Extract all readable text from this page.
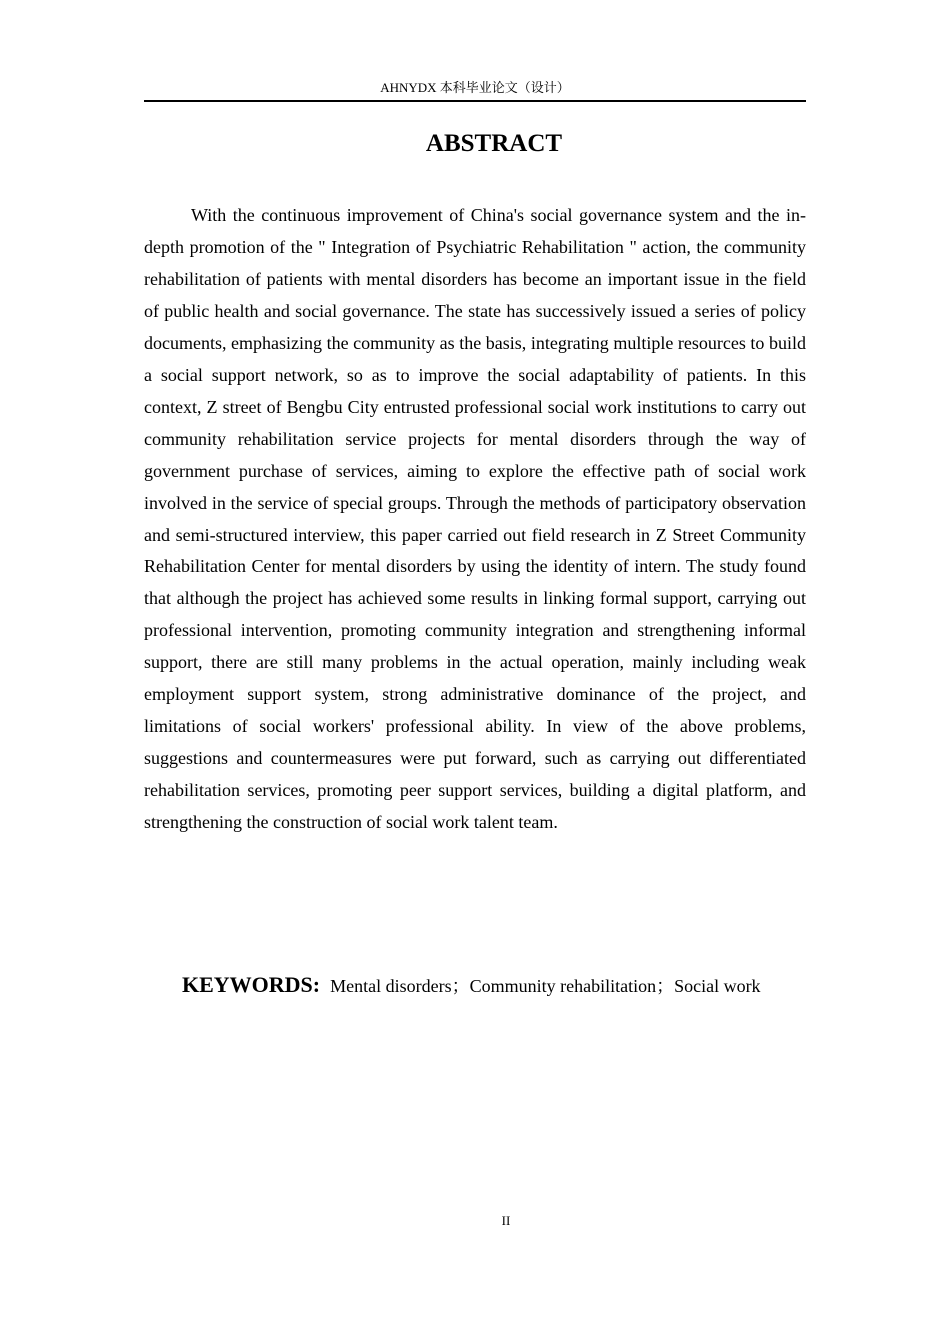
AHNYDX 本科毕业论文（设计）
ABSTRACT

With the continuous improvement of China's social governance system and the in-depth promotion of the " Integration of Psychiatric Rehabilitation " action, the community rehabilitation of patients with mental disorders has become an important issue in the field of public health and social governance. The state has successively issued a series of policy documents, emphasizing the community as the basis, integrating multiple resources to build a social support network, so as to improve the social adaptability of patients. In this context, Z street of Bengbu City entrusted professional social work institutions to carry out community rehabilitation service projects for mental disorders through the way of government purchase of services, aiming to explore the effective path of social work involved in the service of special groups. Through the methods of participatory observation and semi-structured interview, this paper carried out field research in Z Street Community Rehabilitation Center for mental disorders by using the identity of intern. The study found that although the project has achieved some results in linking formal support, carrying out professional intervention, promoting community integration and strengthening informal support, there are still many problems in the actual operation, mainly including weak employment support system, strong administrative dominance of the project, and limitations of social workers' professional ability. In view of the above problems, suggestions and countermeasures were put forward, such as carrying out differentiated rehabilitation services, promoting peer support services, building a digital platform, and strengthening the construction of social work talent team.

KEYWORDS: Mental disorders；Community rehabilitation；Social work
II
